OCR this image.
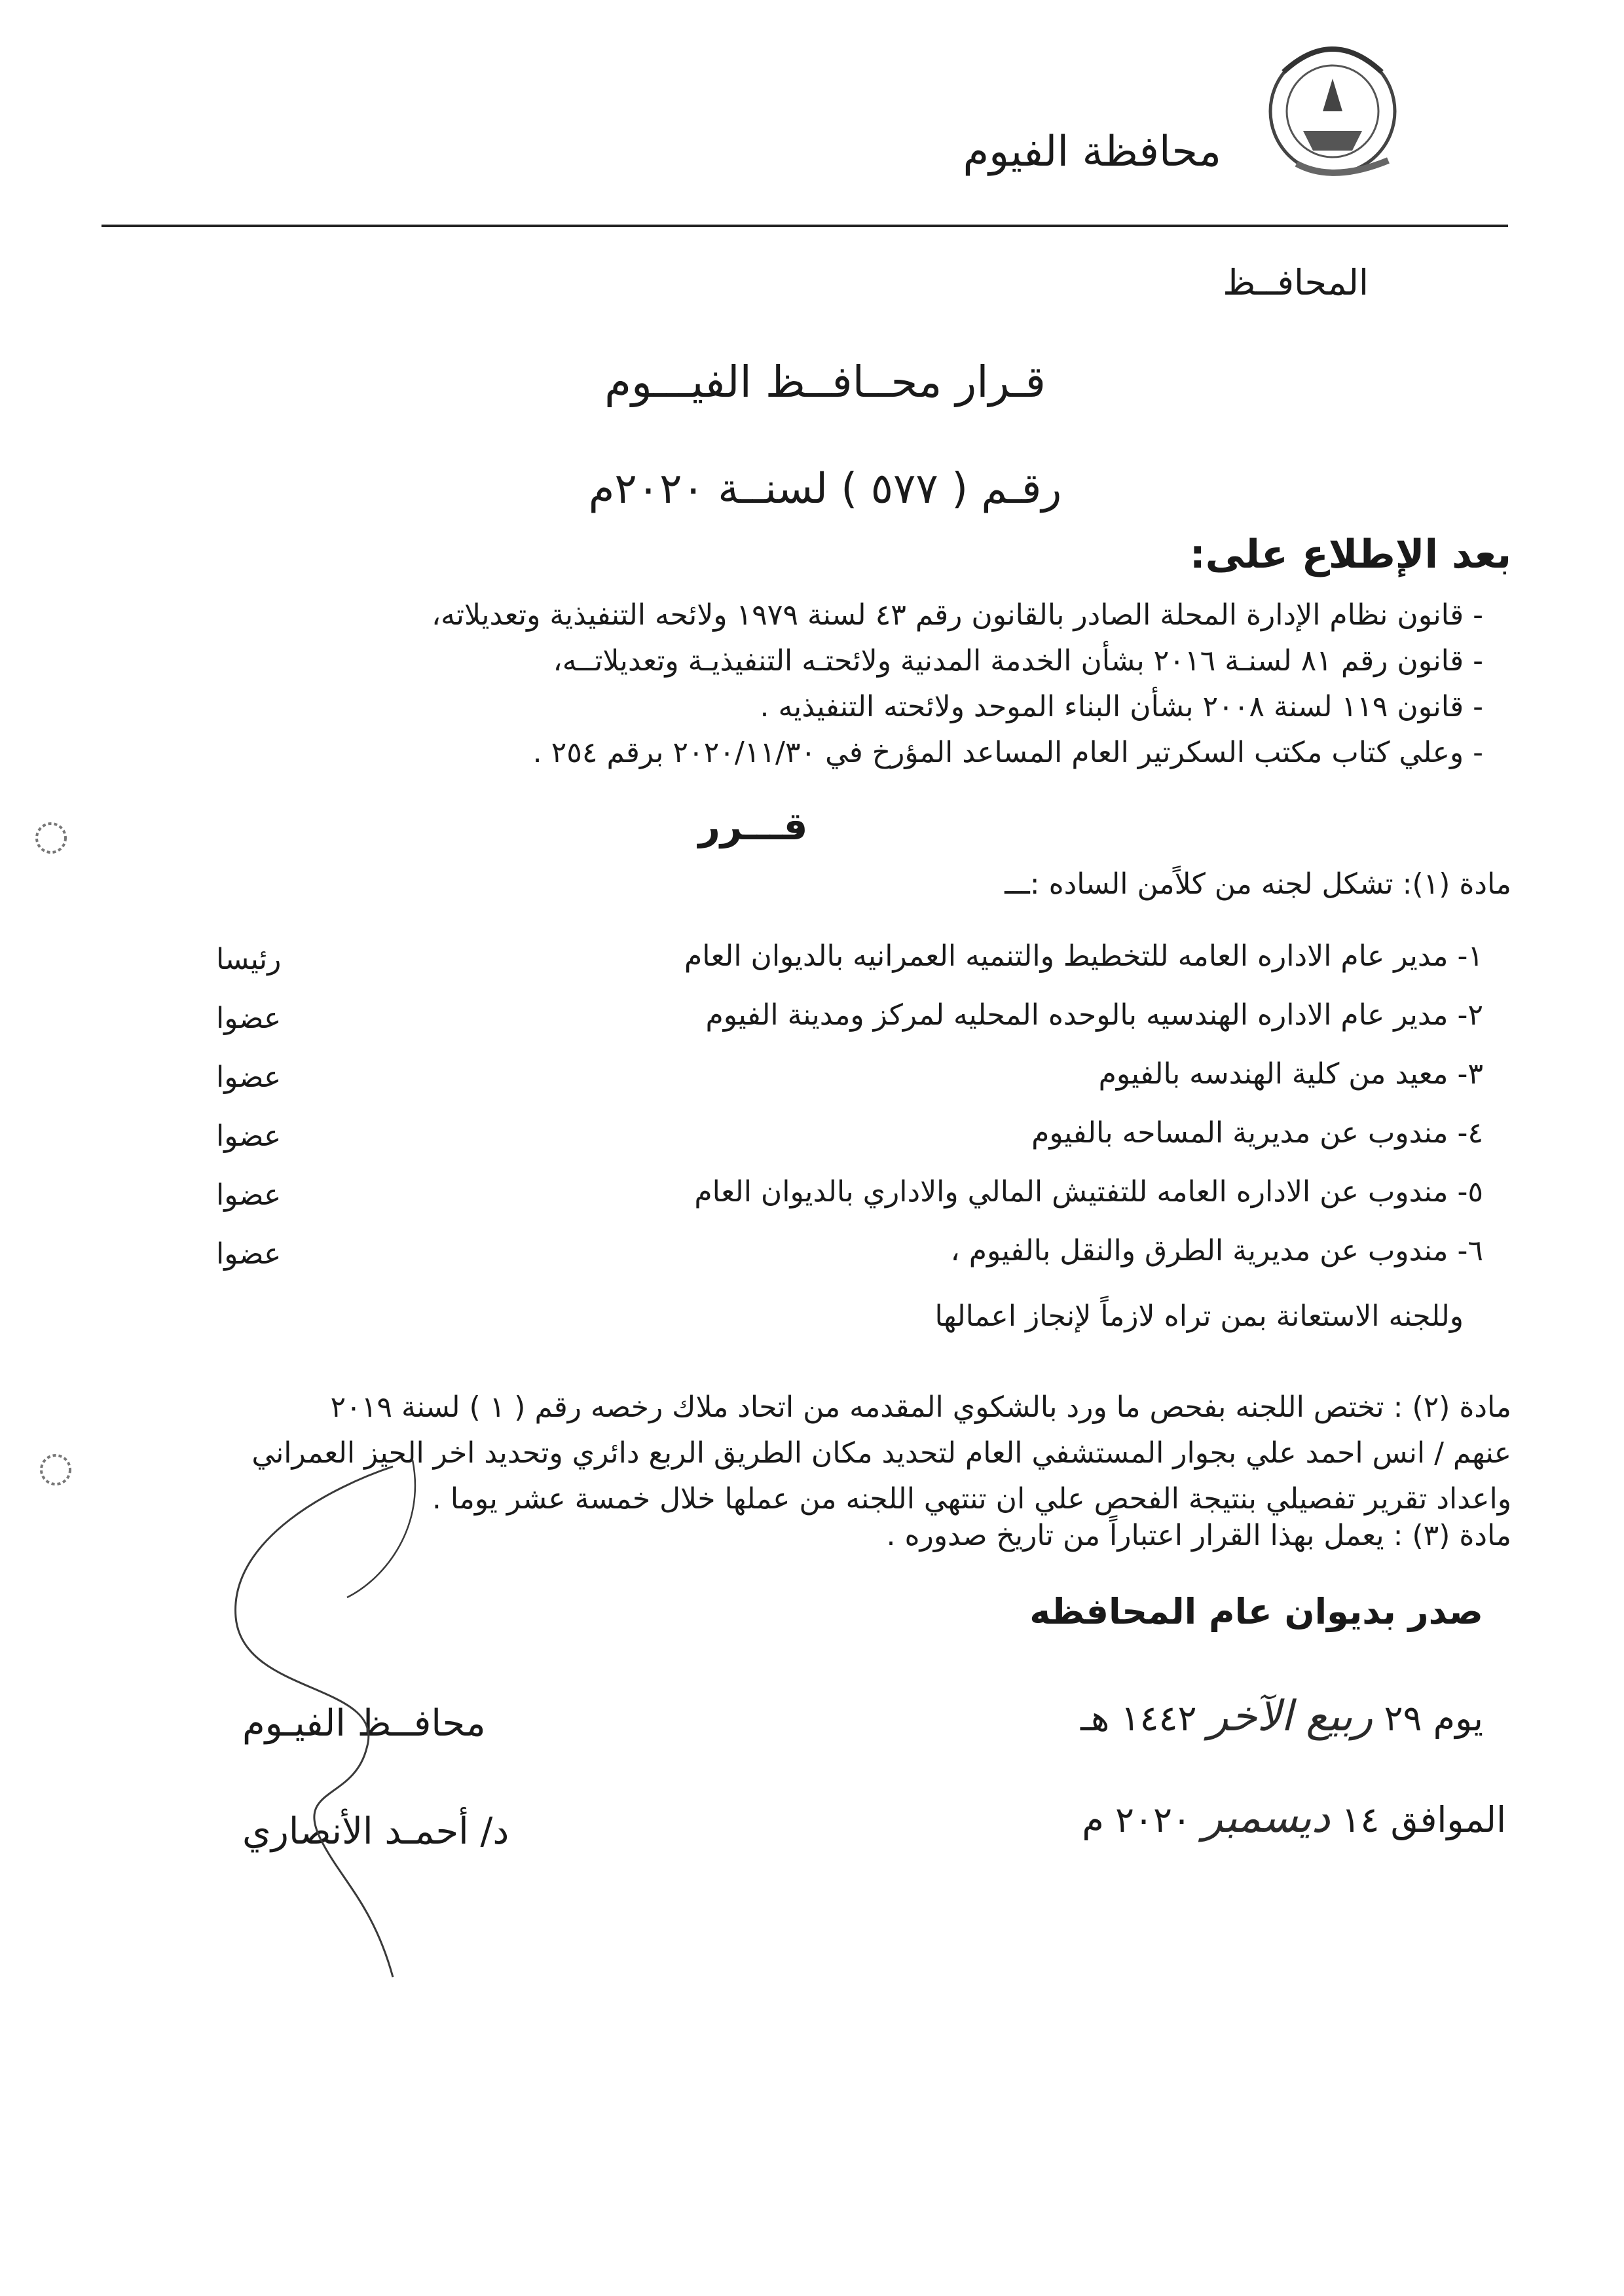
محافظة الفيوم
المحافــظ
قـرار محــافــظ الفيـــوم
رقـم ( ٥٧٧ ) لسنــة ٢٠٢٠م
بعد الإطلاع على:
- قانون نظام الإدارة المحلة الصادر بالقانون رقم ٤٣ لسنة ١٩٧٩ ولائحه التنفيذية وتعديلاته،
- قانون رقم ٨١ لسنـة ٢٠١٦ بشأن الخدمة المدنية ولائحتـه التنفيذيـة وتعديلاتــه،
- قانون ١١٩ لسنة ٢٠٠٨ بشأن البناء الموحد ولائحته التنفيذيه .
- وعلي كتاب مكتب السكرتير العام المساعد المؤرخ في ٢٠٢٠/١١/٣٠ برقم ٢٥٤ .
قـــرر
مادة (١): تشكل لجنه من كلاًمن الساده :ـــ
١- مدير عام الاداره العامه للتخطيط والتنميه العمرانيه بالديوان العام
رئيسا
٢- مدير عام الاداره الهندسيه بالوحده المحليه لمركز ومدينة الفيوم
عضوا
٣- معيد من كلية الهندسه بالفيوم
عضوا
٤- مندوب عن مديرية المساحه بالفيوم
عضوا
٥- مندوب عن الاداره العامه للتفتيش المالي والاداري بالديوان العام
عضوا
٦- مندوب عن مديرية الطرق والنقل بالفيوم ،
عضوا
وللجنه الاستعانة بمن تراه لازماً لإنجاز اعمالها
مادة (٢) : تختص اللجنه بفحص ما ورد بالشكوي المقدمه من اتحاد ملاك رخصه رقم ( ١ ) لسنة ٢٠١٩
عنهم / انس احمد علي بجوار المستشفي العام لتحديد مكان الطريق الربع دائري وتحديد اخر الحيز العمراني
واعداد تقرير تفصيلي بنتيجة الفحص علي ان تنتهي اللجنه من عملها خلال خمسة عشر يوما .
مادة (٣) : يعمل بهذا القرار اعتباراً من تاريخ صدوره .
صدر بديوان عام المحافظه
يوم ٢٩ ربيع الآخر ١٤٤٢ هـ
الموافق ١٤ ديسمبر ٢٠٢٠ م
محافــظ الفيـوم
د/ أحمـد الأنصاري
